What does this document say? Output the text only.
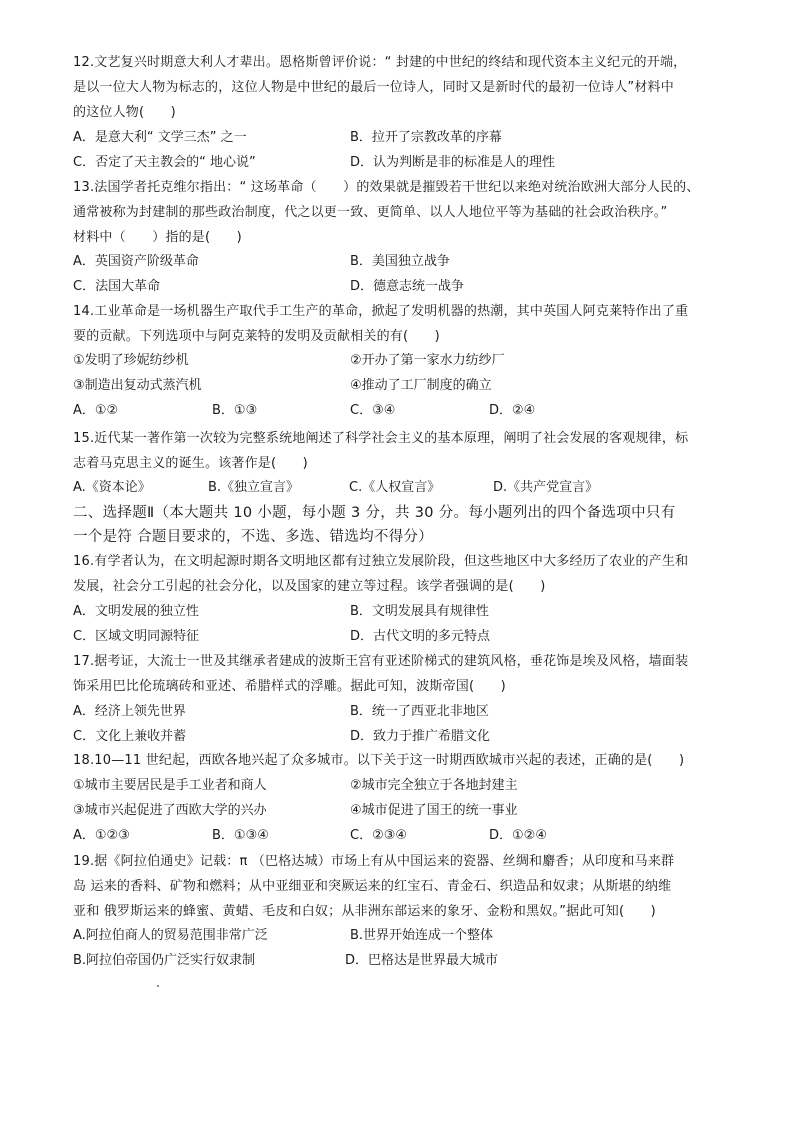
12.文艺复兴时期意大利人才辈出。恩格斯曾评价说：“ 封建的中世纪的终结和现代资本主义纪元的开端，
是以一位大人物为标志的，这位人物是中世纪的最后一位诗人，同时又是新时代的最初一位诗人”材料中
的这位人物(　　)
A．是意大利“ 文学三杰” 之一	B．拉开了宗教改革的序幕
C．否定了天主教会的“ 地心说”	D．认为判断是非的标准是人的理性
13.法国学者托克维尔指出：“ 这场革命（　　）的效果就是摧毁若干世纪以来绝对统治欧洲大部分人民的、
通常被称为封建制的那些政治制度，代之以更一致、更简单、以人人地位平等为基础的社会政治秩序。”
材料中（　　）指的是(　　)
A．英国资产阶级革命	B．美国独立战争
C．法国大革命	D．德意志统一战争
14.工业革命是一场机器生产取代手工生产的革命，掀起了发明机器的热潮，其中英国人阿克莱特作出了重
要的贡献。下列选项中与阿克莱特的发明及贡献相关的有(　　)
①发明了珍妮纺纱机	②开办了第一家水力纺纱厂
③制造出复动式蒸汽机	④推动了工厂制度的确立
A．①②	B．①③	C．③④	D．②④
15.近代某一著作第一次较为完整系统地阐述了科学社会主义的基本原理，阐明了社会发展的客观规律，标
志着马克思主义的诞生。该著作是(　　)
A.《资本论》	B.《独立宣言》	C.《人权宣言》	D.《共产党宣言》
二、选择题Ⅱ（本大题共 10 小题，每小题 3 分，共 30 分。每小题列出的四个备选项中只有
一个是符 合题目要求的，不选、多选、错选均不得分）
16.有学者认为，在文明起源时期各文明地区都有过独立发展阶段，但这些地区中大多经历了农业的产生和
发展，社会分工引起的社会分化，以及国家的建立等过程。该学者强调的是(　　)
A．文明发展的独立性	B．文明发展具有规律性
C．区域文明同源特征	D．古代文明的多元特点
17.据考证，大流士一世及其继承者建成的波斯王宫有亚述阶梯式的建筑风格，垂花饰是埃及风格，墙面装
饰采用巴比伦琉璃砖和亚述、希腊样式的浮雕。据此可知，波斯帝国(　　)
A．经济上领先世界	B．统一了西亚北非地区
C．文化上兼收并蓄	D．致力于推广希腊文化
18.10—11 世纪起，西欧各地兴起了众多城市。以下关于这一时期西欧城市兴起的表述，正确的是(　　)
①城市主要居民是手工业者和商人	②城市完全独立于各地封建主
③城市兴起促进了西欧大学的兴办	④城市促进了国王的统一事业
A．①②③	B．①③④	C．②③④	D．①②④
19.据《阿拉伯通史》记载：π （巴格达城）市场上有从中国运来的瓷器、丝绸和麝香；从印度和马来群
岛 运来的香料、矿物和燃料；从中亚细亚和突厥运来的红宝石、青金石、织造品和奴隶；从斯堪的纳维
亚和 俄罗斯运来的蜂蜜、黄蜡、毛皮和白奴；从非洲东部运来的象牙、金粉和黑奴。”据此可知(　　)
A.阿拉伯商人的贸易范围非常广泛	B.世界开始连成一个整体
B.阿拉伯帝国仍广泛实行奴隶制	D．巴格达是世界最大城市
